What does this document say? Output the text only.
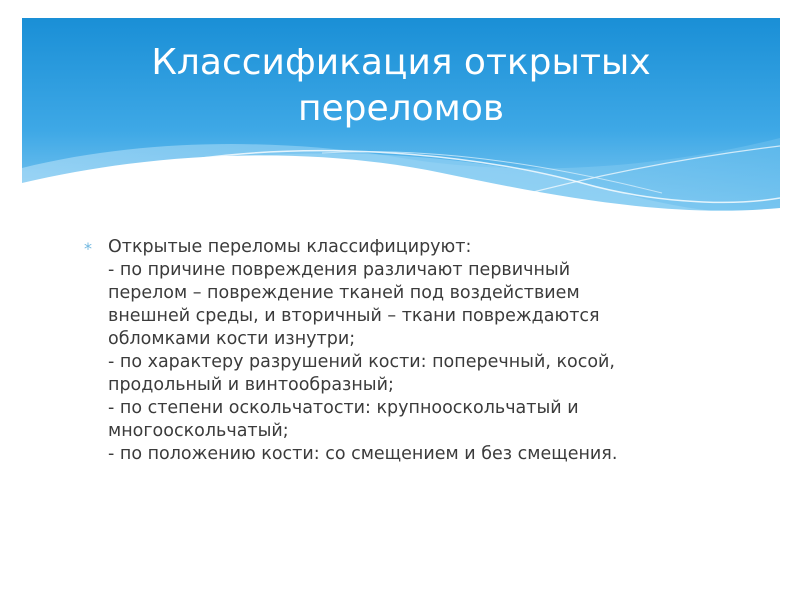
Классификация открытых
переломов
* Открытые переломы классифицируют:
- по причине повреждения различают первичный
перелом – повреждение тканей под воздействием
внешней среды, и вторичный – ткани повреждаются
обломками кости изнутри;
- по характеру разрушений кости: поперечный, косой,
продольный и винтообразный;
- по степени оскольчатости: крупнооскольчатый и
многооскольчатый;
- по положению кости: со смещением и без смещения.
